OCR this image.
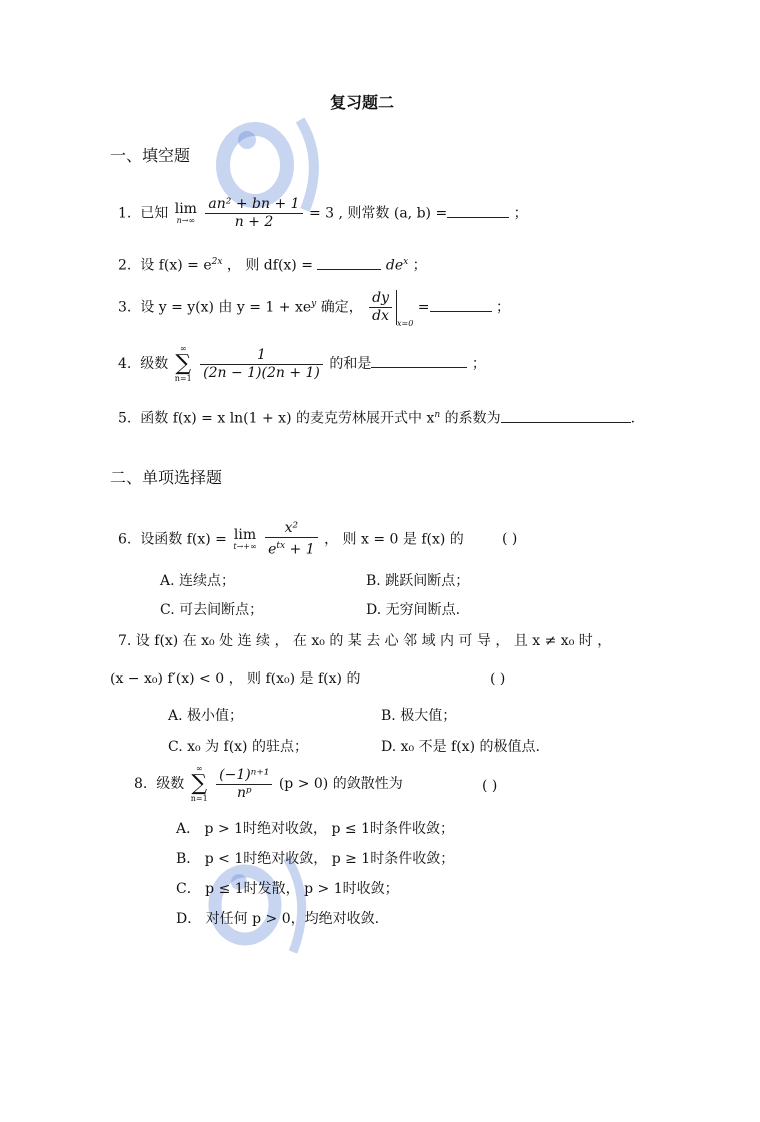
复习题二
一、填空题
1. 已知 lim
n→∞
$\frac{\text{an² + bn + 1}}{n + 2} = 3$ , 则常数 (a, b) =	；
2. 设 $f(x) = e^{2x}$ ， 则 df(x) =	$de^x$ ；
3. 设 y = y(x) 由 $y = 1 + xe^y$ 确定， $\frac{dy}{dx} x=0$ =	；
4. 级数
∞
∑
n=1
$\frac{1}{(2n - 1)(2n + 1)}$ 的和是	；
5. 函数 f(x) = x ln(1 + x) 的麦克劳林展开式中 $x^n$ 的系数为	.
二、单项选择题
6. 设函数 f(x) = lim
t→+∞
$\frac{\text{x²}}{e^{tx} + 1}$ ， 则 x = 0 是 f(x) 的	( )
A. 连续点；	B. 跳跃间断点；
C. 可去间断点；	D. 无穷间断点.
7. 设 f(x) 在 x₀ 处 连 续 ， 在 x₀ 的 某 去 心 邻 域 内 可 导 ， 且 x ≠ x₀ 时 ，
(x − x₀) f′(x) < 0 ， 则 f(x₀) 是 f(x) 的	( )
A. 极小值；	B. 极大值；
C. x₀ 为 f(x) 的驻点；	D. x₀ 不是 f(x) 的极值点.
8. 级数
∞
∑
n=1
$\frac{\text{(−1)ⁿ⁺¹}}{\text{nᵖ}} (p > 0)$ 的敛散性为	( )
A． p > 1时绝对收敛， p ≤ 1时条件收敛；
B． p < 1时绝对收敛， p ≥ 1时条件收敛；
C． p ≤ 1时发散， p > 1时收敛；
D． 对任何 p > 0，均绝对收敛.
